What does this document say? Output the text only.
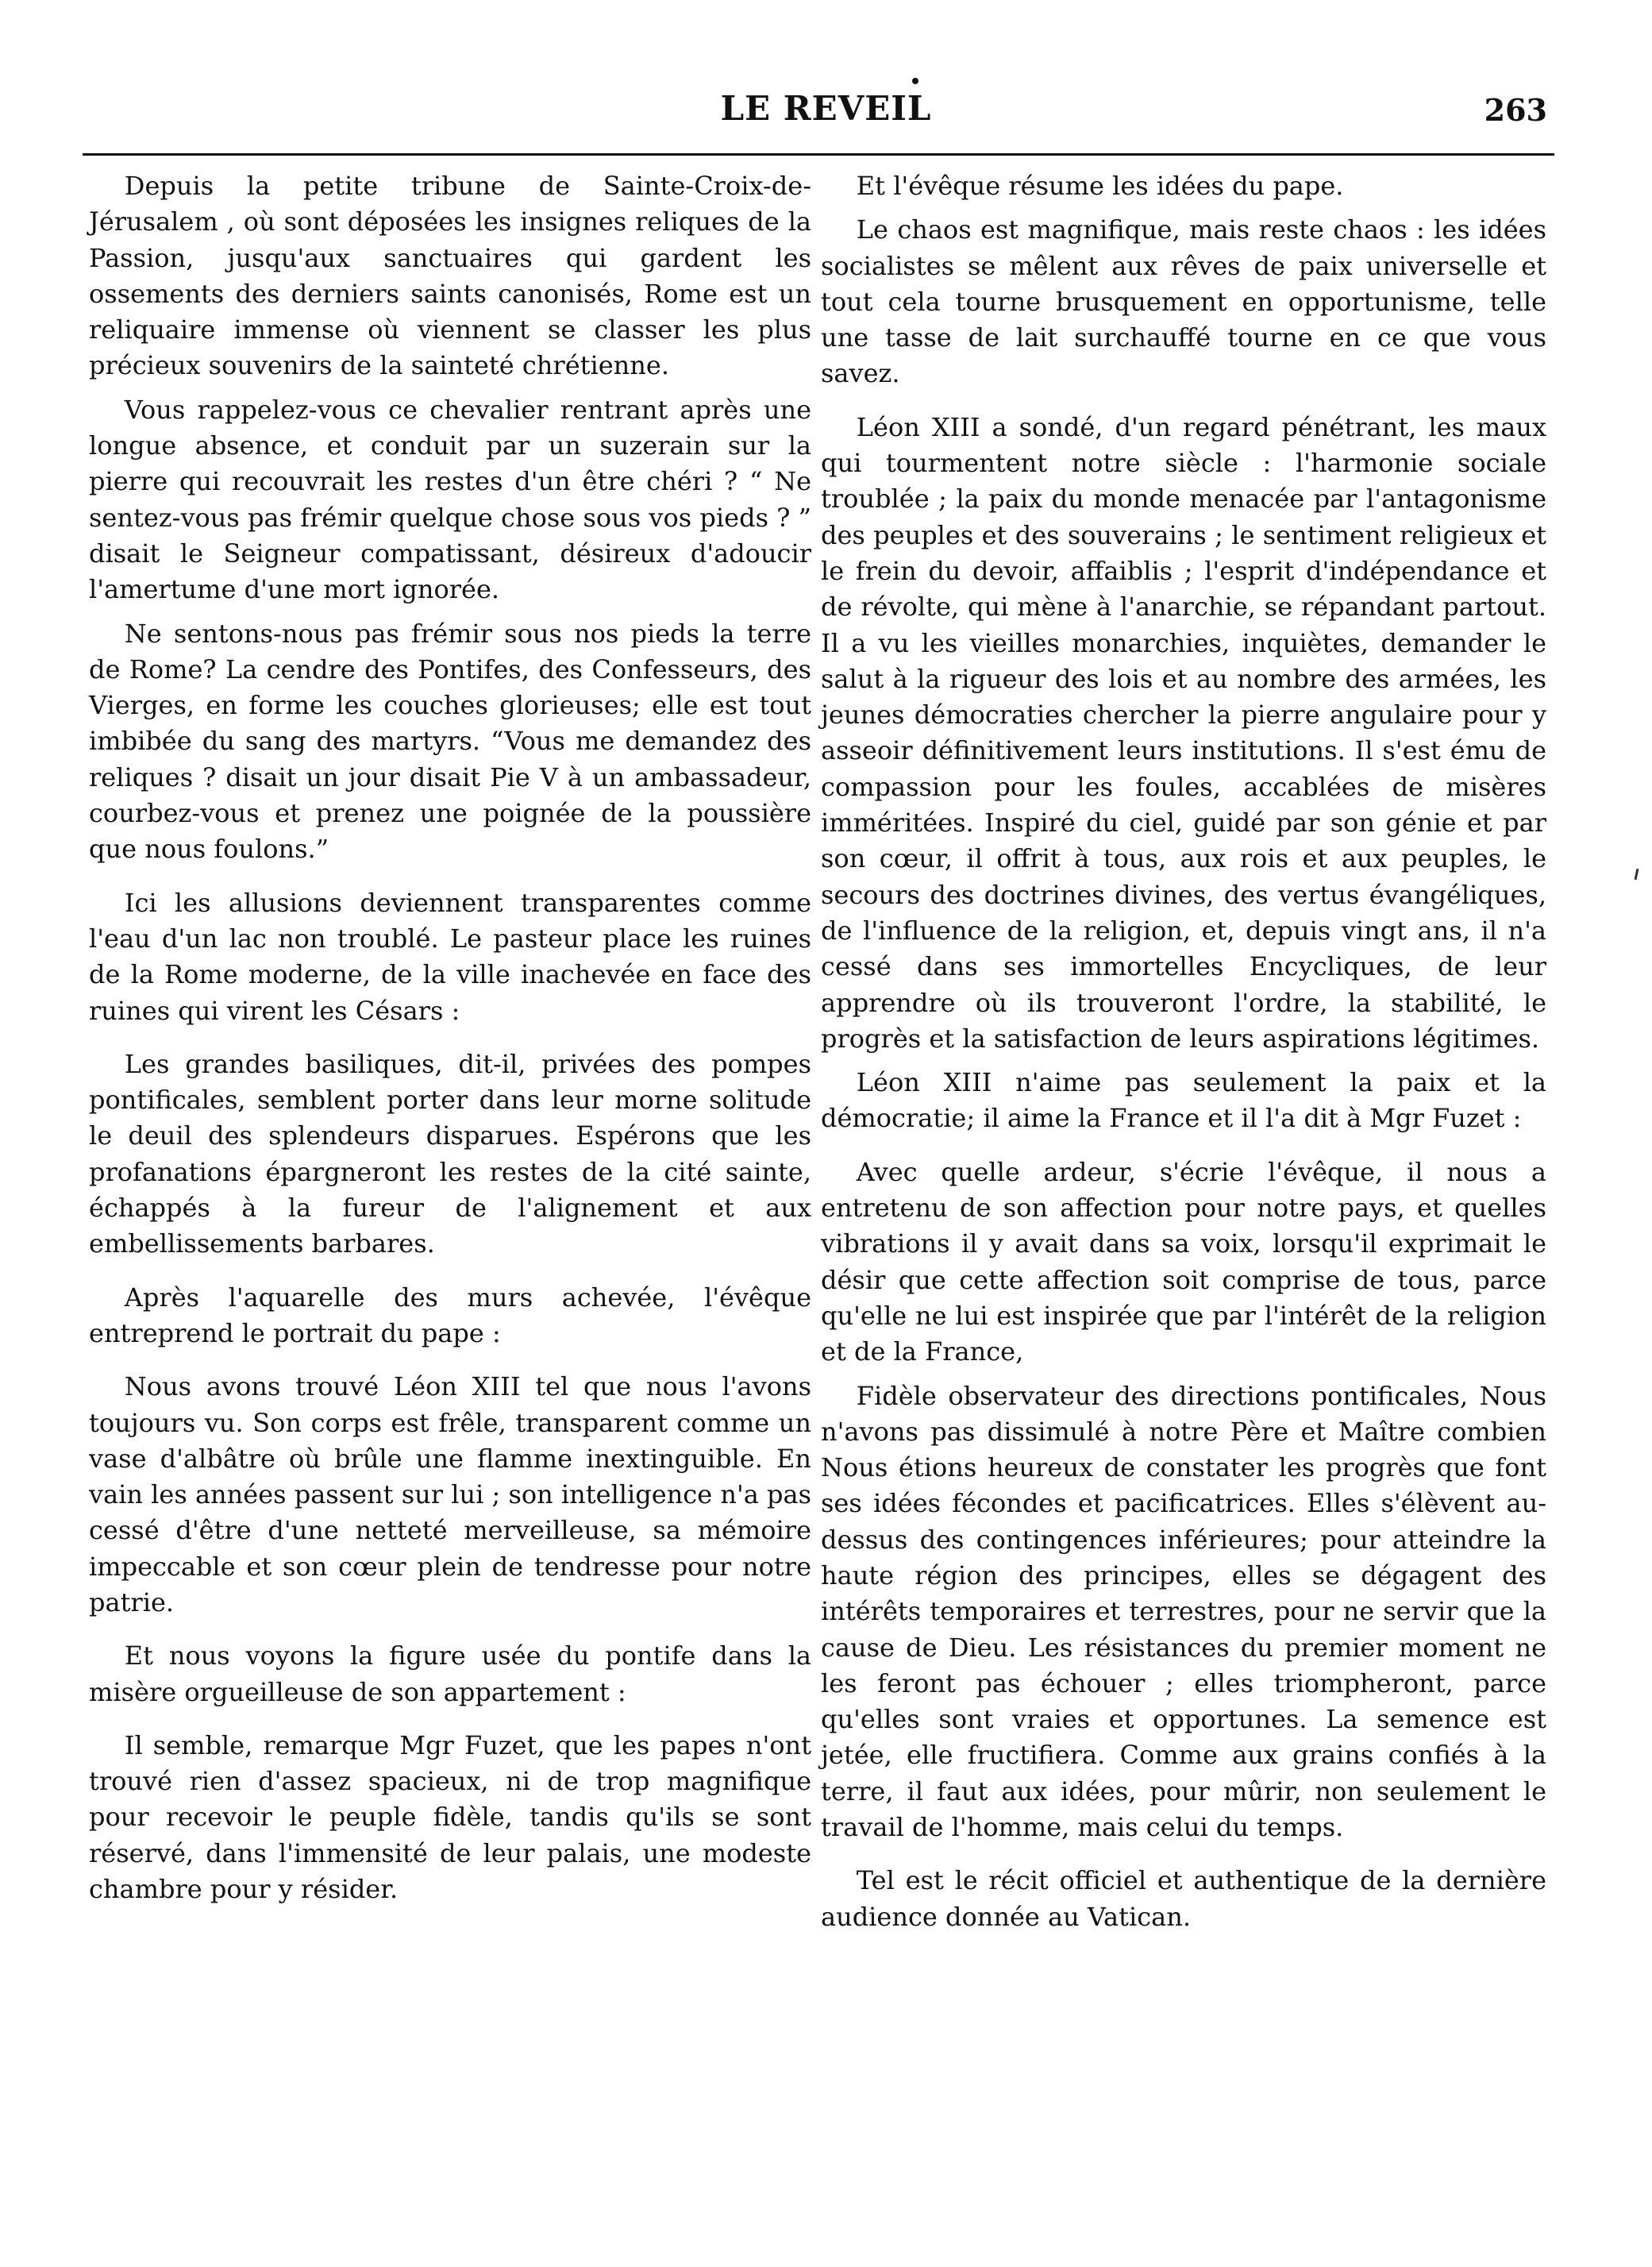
LE REVEIL	263

Depuis la petite tribune de Sainte-Croix-de-Jérusalem , où sont déposées les insignes reliques de la Passion, jusqu'aux sanctuaires qui gardent les ossements des derniers saints canonisés, Rome est un reliquaire immense où viennent se classer les plus précieux souvenirs de la sainteté chrétienne.

Vous rappelez-vous ce chevalier rentrant après une longue absence, et conduit par un suzerain sur la pierre qui recouvrait les restes d'un être chéri ? “ Ne sentez-vous pas frémir quelque chose sous vos pieds ? ” disait le Seigneur compatissant, désireux d'adoucir l'amertume d'une mort ignorée.

Ne sentons-nous pas frémir sous nos pieds la terre de Rome? La cendre des Pontifes, des Confesseurs, des Vierges, en forme les couches glorieuses; elle est tout imbibée du sang des martyrs. “Vous me demandez des reliques ? disait un jour disait Pie V à un ambassadeur, courbez-vous et prenez une poignée de la poussière que nous foulons.”

Ici les allusions deviennent transparentes comme l'eau d'un lac non troublé. Le pasteur place les ruines de la Rome moderne, de la ville inachevée en face des ruines qui virent les Césars :

Les grandes basiliques, dit-il, privées des pompes pontificales, semblent porter dans leur morne solitude le deuil des splendeurs disparues. Espérons que les profanations épargneront les restes de la cité sainte, échappés à la fureur de l'alignement et aux embellissements barbares.

Après l'aquarelle des murs achevée, l'évêque entreprend le portrait du pape :

Nous avons trouvé Léon XIII tel que nous l'avons toujours vu. Son corps est frêle, transparent comme un vase d'albâtre où brûle une flamme inextinguible. En vain les années passent sur lui ; son intelligence n'a pas cessé d'être d'une netteté merveilleuse, sa mémoire impeccable et son cœur plein de tendresse pour notre patrie.

Et nous voyons la figure usée du pontife dans la misère orgueilleuse de son appartement :

Il semble, remarque Mgr Fuzet, que les papes n'ont trouvé rien d'assez spacieux, ni de trop magnifique pour recevoir le peuple fidèle, tandis qu'ils se sont réservé, dans l'immensité de leur palais, une modeste chambre pour y résider.

Et l'évêque résume les idées du pape.

Le chaos est magnifique, mais reste chaos : les idées socialistes se mêlent aux rêves de paix universelle et tout cela tourne brusquement en opportunisme, telle une tasse de lait surchauffé tourne en ce que vous savez.

Léon XIII a sondé, d'un regard pénétrant, les maux qui tourmentent notre siècle : l'harmonie sociale troublée ; la paix du monde menacée par l'antagonisme des peuples et des souverains ; le sentiment religieux et le frein du devoir, affaiblis ; l'esprit d'indépendance et de révolte, qui mène à l'anarchie, se répandant partout. Il a vu les vieilles monarchies, inquiètes, demander le salut à la rigueur des lois et au nombre des armées, les jeunes démocraties chercher la pierre angulaire pour y asseoir définitivement leurs institutions. Il s'est ému de compassion pour les foules, accablées de misères imméritées. Inspiré du ciel, guidé par son génie et par son cœur, il offrit à tous, aux rois et aux peuples, le secours des doctrines divines, des vertus évangéliques, de l'influence de la religion, et, depuis vingt ans, il n'a cessé dans ses immortelles Encycliques, de leur apprendre où ils trouveront l'ordre, la stabilité, le progrès et la satisfaction de leurs aspirations légitimes.

Léon XIII n'aime pas seulement la paix et la démocratie; il aime la France et il l'a dit à Mgr Fuzet :

Avec quelle ardeur, s'écrie l'évêque, il nous a entretenu de son affection pour notre pays, et quelles vibrations il y avait dans sa voix, lorsqu'il exprimait le désir que cette affection soit comprise de tous, parce qu'elle ne lui est inspirée que par l'intérêt de la religion et de la France,

Fidèle observateur des directions pontificales, Nous n'avons pas dissimulé à notre Père et Maître combien Nous étions heureux de constater les progrès que font ses idées fécondes et pacificatrices. Elles s'élèvent au-dessus des contingences inférieures; pour atteindre la haute région des principes, elles se dégagent des intérêts temporaires et terrestres, pour ne servir que la cause de Dieu. Les résistances du premier moment ne les feront pas échouer ; elles triompheront, parce qu'elles sont vraies et opportunes. La semence est jetée, elle fructifiera. Comme aux grains confiés à la terre, il faut aux idées, pour mûrir, non seulement le travail de l'homme, mais celui du temps.

Tel est le récit officiel et authentique de la dernière audience donnée au Vatican.
